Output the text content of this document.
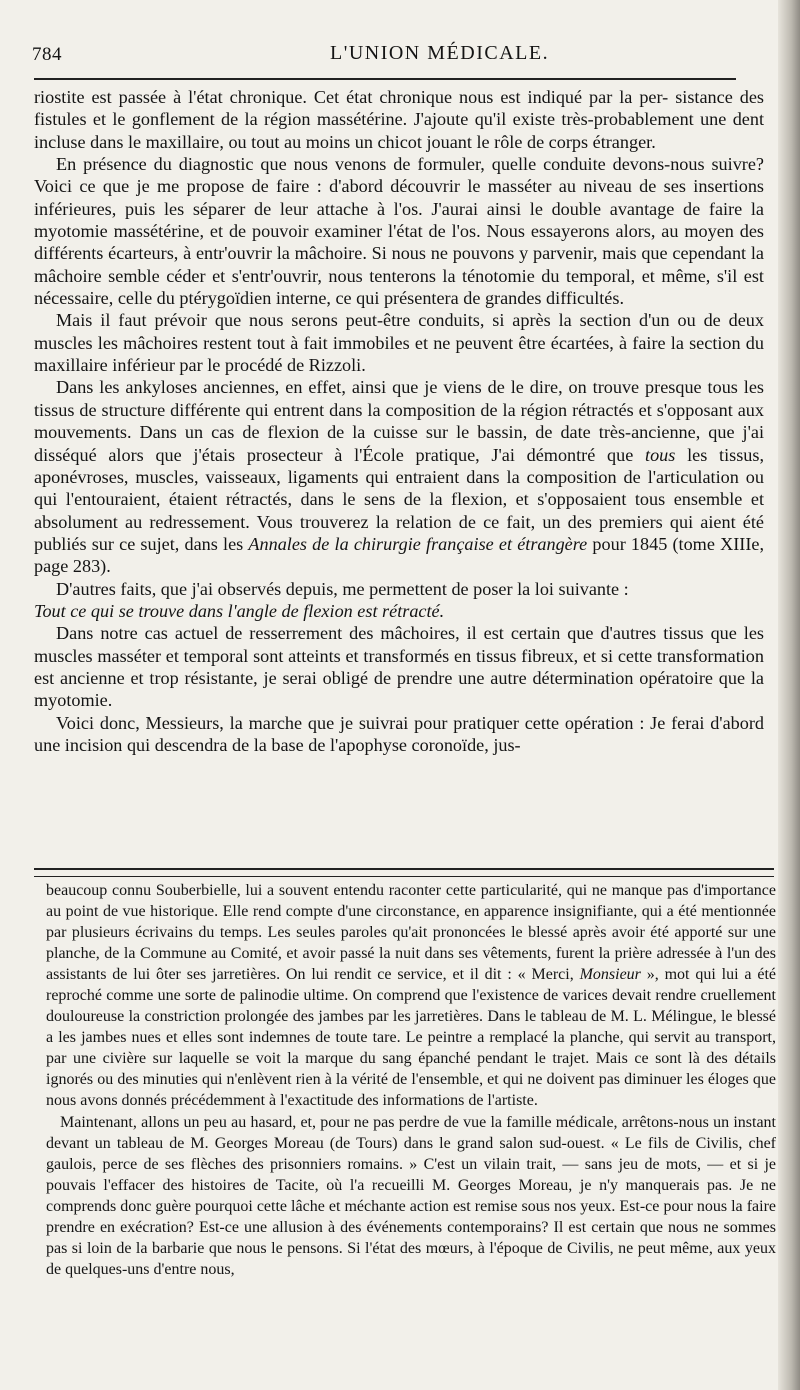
784	L'UNION MÉDICALE.

riostite est passée à l'état chronique. Cet état chronique nous est indiqué par la per- sistance des fistules et le gonflement de la région massétérine. J'ajoute qu'il existe très-probablement une dent incluse dans le maxillaire, ou tout au moins un chicot jouant le rôle de corps étranger.

En présence du diagnostic que nous venons de formuler, quelle conduite devons-nous suivre? Voici ce que je me propose de faire : d'abord découvrir le masséter au niveau de ses insertions inférieures, puis les séparer de leur attache à l'os. J'aurai ainsi le double avantage de faire la myotomie massétérine, et de pouvoir examiner l'état de l'os. Nous essayerons alors, au moyen des différents écarteurs, à entr'ouvrir la mâchoire. Si nous ne pouvons y parvenir, mais que cependant la mâchoire semble céder et s'entr'ouvrir, nous tenterons la ténotomie du temporal, et même, s'il est nécessaire, celle du ptérygoïdien interne, ce qui présentera de grandes difficultés.

Mais il faut prévoir que nous serons peut-être conduits, si après la section d'un ou de deux muscles les mâchoires restent tout à fait immobiles et ne peuvent être écartées, à faire la section du maxillaire inférieur par le procédé de Rizzoli.

Dans les ankyloses anciennes, en effet, ainsi que je viens de le dire, on trouve presque tous les tissus de structure différente qui entrent dans la composition de la région rétractés et s'opposant aux mouvements. Dans un cas de flexion de la cuisse sur le bassin, de date très-ancienne, que j'ai disséqué alors que j'étais prosecteur à l'École pratique, J'ai démontré que tous les tissus, aponévroses, muscles, vaisseaux, ligaments qui entraient dans la composition de l'articulation ou qui l'entouraient, étaient rétractés, dans le sens de la flexion, et s'opposaient tous ensemble et absolument au redressement. Vous trouverez la relation de ce fait, un des premiers qui aient été publiés sur ce sujet, dans les Annales de la chirurgie française et étrangère pour 1845 (tome XIIIe, page 283).

D'autres faits, que j'ai observés depuis, me permettent de poser la loi suivante :

Tout ce qui se trouve dans l'angle de flexion est rétracté.

Dans notre cas actuel de resserrement des mâchoires, il est certain que d'autres tissus que les muscles masséter et temporal sont atteints et transformés en tissus fibreux, et si cette transformation est ancienne et trop résistante, je serai obligé de prendre une autre détermination opératoire que la myotomie.

Voici donc, Messieurs, la marche que je suivrai pour pratiquer cette opération : Je ferai d'abord une incision qui descendra de la base de l'apophyse coronoïde, jus-

beaucoup connu Souberbielle, lui a souvent entendu raconter cette particularité, qui ne manque pas d'importance au point de vue historique. Elle rend compte d'une circonstance, en apparence insignifiante, qui a été mentionnée par plusieurs écrivains du temps. Les seules paroles qu'ait prononcées le blessé après avoir été apporté sur une planche, de la Commune au Comité, et avoir passé la nuit dans ses vêtements, furent la prière adressée à l'un des assistants de lui ôter ses jarretières. On lui rendit ce service, et il dit : « Merci, Monsieur », mot qui lui a été reproché comme une sorte de palinodie ultime. On comprend que l'existence de varices devait rendre cruellement douloureuse la constriction prolongée des jambes par les jarretières. Dans le tableau de M. L. Mélingue, le blessé a les jambes nues et elles sont indemnes de toute tare. Le peintre a remplacé la planche, qui servit au transport, par une civière sur laquelle se voit la marque du sang épanché pendant le trajet. Mais ce sont là des détails ignorés ou des minuties qui n'enlèvent rien à la vérité de l'ensemble, et qui ne doivent pas diminuer les éloges que nous avons donnés précédemment à l'exactitude des informations de l'artiste.

Maintenant, allons un peu au hasard, et, pour ne pas perdre de vue la famille médicale, arrêtons-nous un instant devant un tableau de M. Georges Moreau (de Tours) dans le grand salon sud-ouest. « Le fils de Civilis, chef gaulois, perce de ses flèches des prisonniers romains. » C'est un vilain trait, — sans jeu de mots, — et si je pouvais l'effacer des histoires de Tacite, où l'a recueilli M. Georges Moreau, je n'y manquerais pas. Je ne comprends donc guère pourquoi cette lâche et méchante action est remise sous nos yeux. Est-ce pour nous la faire prendre en exécration? Est-ce une allusion à des événements contemporains? Il est certain que nous ne sommes pas si loin de la barbarie que nous le pensons. Si l'état des mœurs, à l'époque de Civilis, ne peut même, aux yeux de quelques-uns d'entre nous,
